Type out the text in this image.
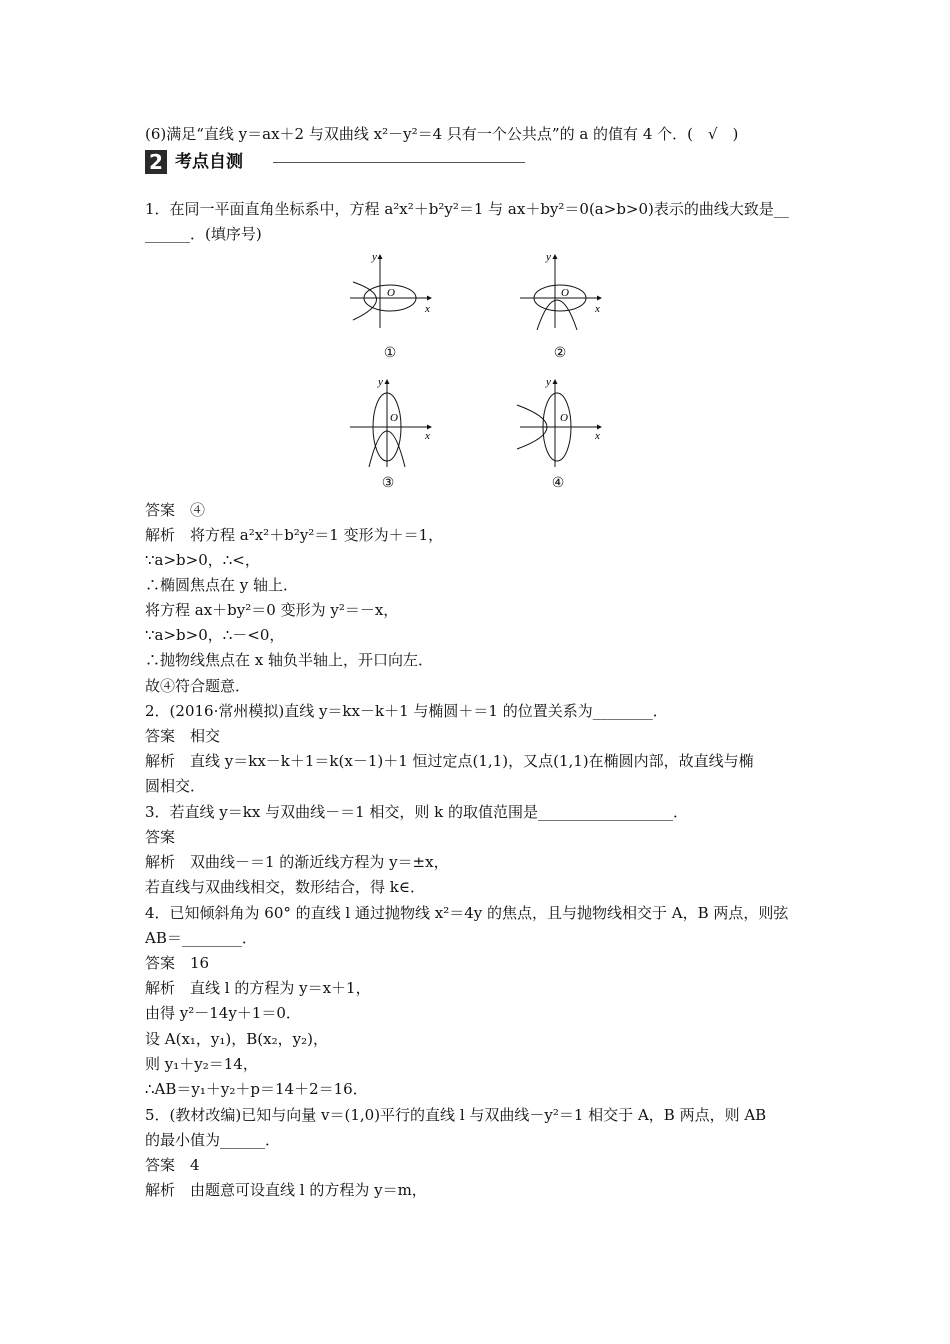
(6)满足“直线 y＝ax＋2 与双曲线 x²－y²＝4 只有一个公共点”的 a 的值有 4 个．(　√　)
2 考点自测
1．在同一平面直角坐标系中，方程 a²x²＋b²y²＝1 与 ax＋by²＝0(a>b>0)表示的曲线大致是__
______．(填序号)
O
y
x
①
O
y
x
②
O
y
x
③
O
y
x
④
答案　④
解析　将方程 a²x²＋b²y²＝1 变形为＋＝1，
∵a>b>0，∴<，
∴椭圆焦点在 y 轴上．
将方程 ax＋by²＝0 变形为 y²＝－x，
∵a>b>0，∴－<0，
∴抛物线焦点在 x 轴负半轴上，开口向左．
故④符合题意．
2．(2016·常州模拟)直线 y＝kx－k＋1 与椭圆＋＝1 的位置关系为________．
答案　相交
解析　直线 y＝kx－k＋1＝k(x－1)＋1 恒过定点(1,1)，又点(1,1)在椭圆内部，故直线与椭
圆相交．
3．若直线 y＝kx 与双曲线－＝1 相交，则 k 的取值范围是__________________．
答案
解析　双曲线－＝1 的渐近线方程为 y＝±x，
若直线与双曲线相交，数形结合，得 k∈．
4．已知倾斜角为 60° 的直线 l 通过抛物线 x²＝4y 的焦点，且与抛物线相交于 A，B 两点，则弦
AB＝________．
答案　16
解析　直线 l 的方程为 y＝x＋1，
由得 y²－14y＋1＝0．
设 A(x₁，y₁)，B(x₂，y₂)，
则 y₁＋y₂＝14，
∴AB＝y₁＋y₂＋p＝14＋2＝16．
5．(教材改编)已知与向量 v＝(1,0)平行的直线 l 与双曲线－y²＝1 相交于 A，B 两点，则 AB
的最小值为______．
答案　4
解析　由题意可设直线 l 的方程为 y＝m，
